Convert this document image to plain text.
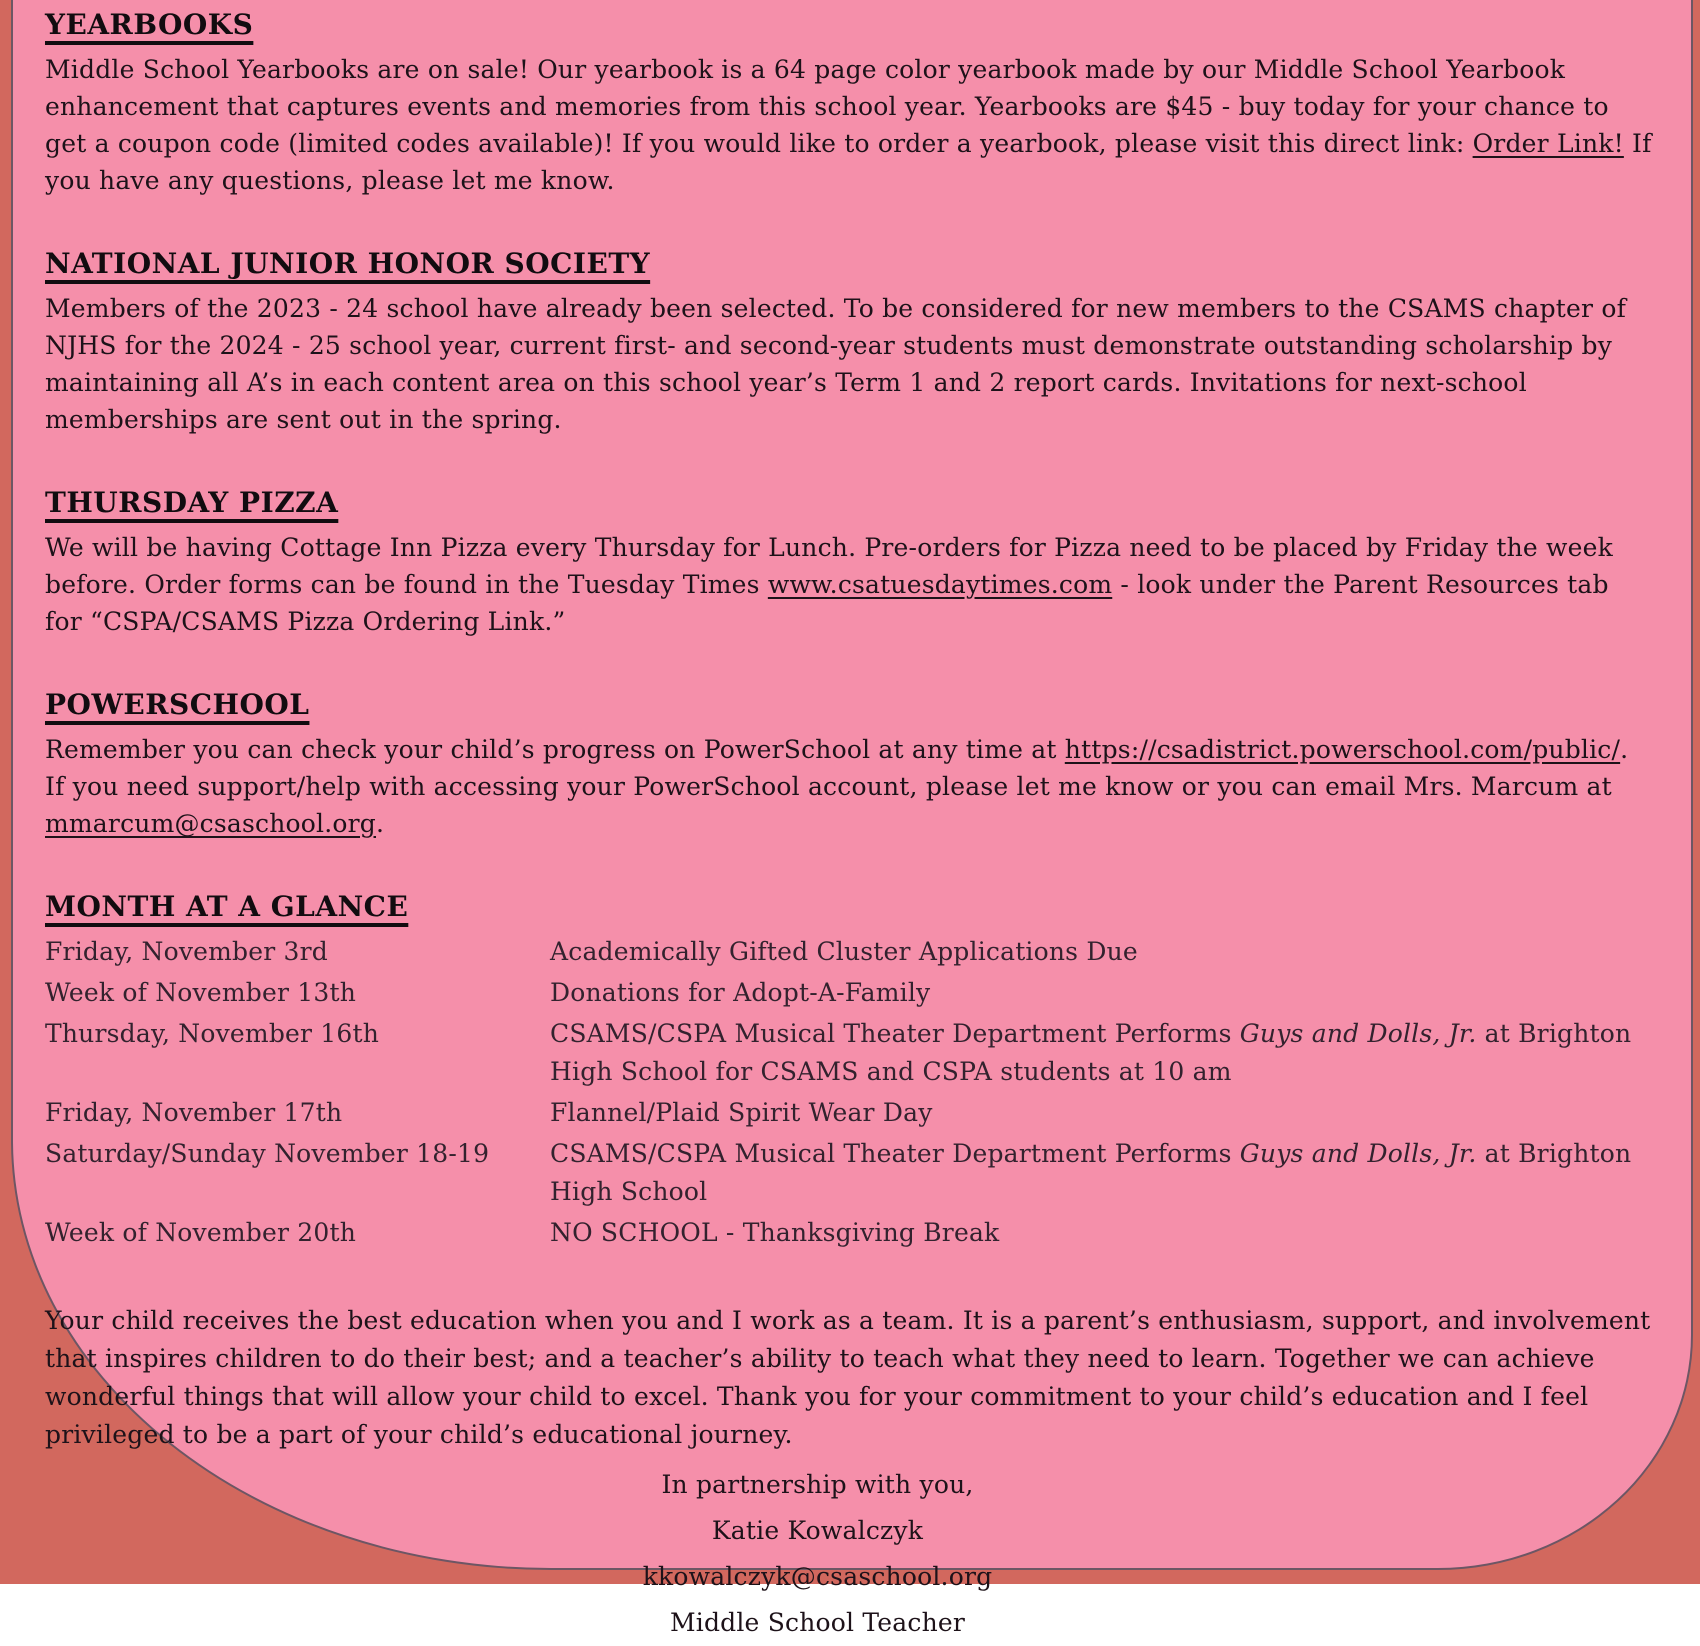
YEARBOOKS

Middle School Yearbooks are on sale! Our yearbook is a 64 page color yearbook made by our Middle School Yearbook enhancement that captures events and memories from this school year. Yearbooks are $45 - buy today for your chance to get a coupon code (limited codes available)! If you would like to order a yearbook, please visit this direct link: Order Link! If you have any questions, please let me know.

NATIONAL JUNIOR HONOR SOCIETY

Members of the 2023 - 24 school have already been selected. To be considered for new members to the CSAMS chapter of NJHS for the 2024 - 25 school year, current first- and second-year students must demonstrate outstanding scholarship by maintaining all A’s in each content area on this school year’s Term 1 and 2 report cards. Invitations for next-school memberships are sent out in the spring.

THURSDAY PIZZA

We will be having Cottage Inn Pizza every Thursday for Lunch. Pre-orders for Pizza need to be placed by Friday the week before. Order forms can be found in the Tuesday Times www.csatuesdaytimes.com - look under the Parent Resources tab for “CSPA/CSAMS Pizza Ordering Link.”

POWERSCHOOL

Remember you can check your child’s progress on PowerSchool at any time at https://csadistrict.powerschool.com/public/. If you need support/help with accessing your PowerSchool account, please let me know or you can email Mrs. Marcum at mmarcum@csaschool.org.

MONTH AT A GLANCE
Friday, November 3rd	Academically Gifted Cluster Applications Due
Week of November 13th	Donations for Adopt-A-Family
Thursday, November 16th	CSAMS/CSPA Musical Theater Department Performs Guys and Dolls, Jr. at Brighton High School for CSAMS and CSPA students at 10 am
Friday, November 17th	Flannel/Plaid Spirit Wear Day
Saturday/Sunday November 18-19	CSAMS/CSPA Musical Theater Department Performs Guys and Dolls, Jr. at Brighton High School
Week of November 20th	NO SCHOOL - Thanksgiving Break
Your child receives the best education when you and I work as a team. It is a parent’s enthusiasm, support, and involvement that inspires children to do their best; and a teacher’s ability to teach what they need to learn. Together we can achieve wonderful things that will allow your child to excel. Thank you for your commitment to your child’s education and I feel privileged to be a part of your child’s educational journey.
In partnership with you,
Katie Kowalczyk
kkowalczyk@csaschool.org
Middle School Teacher
